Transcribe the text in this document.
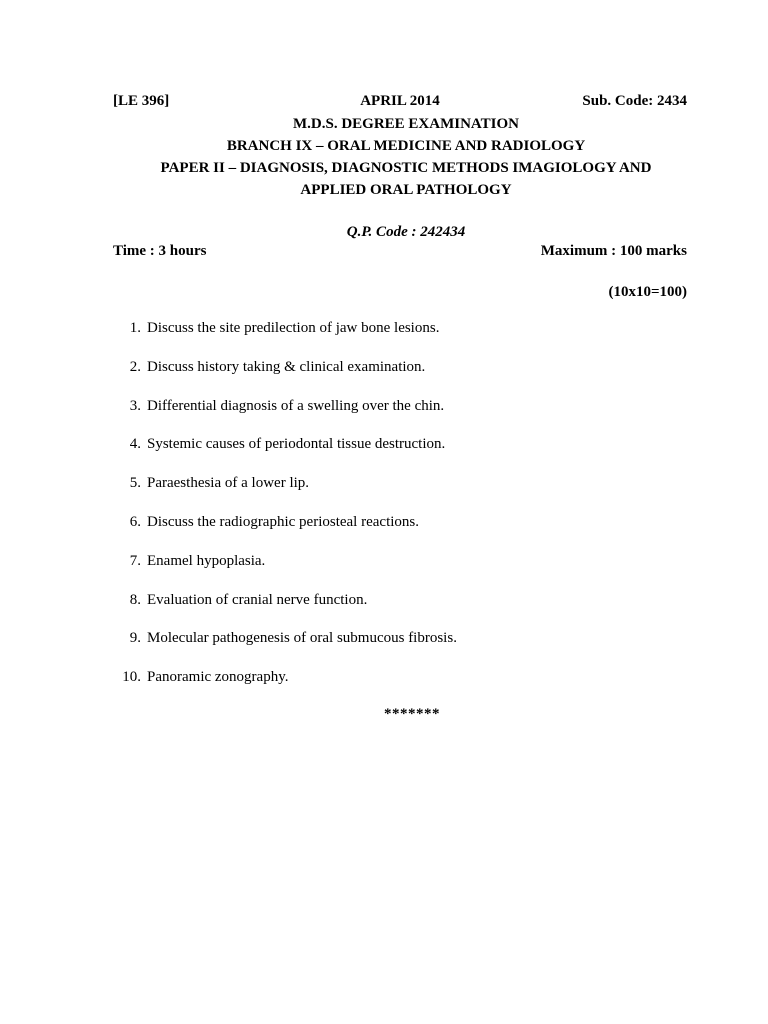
[LE 396]	APRIL 2014	Sub. Code: 2434
M.D.S. DEGREE EXAMINATION
BRANCH IX – ORAL MEDICINE AND RADIOLOGY
PAPER II – DIAGNOSIS, DIAGNOSTIC METHODS IMAGIOLOGY AND
APPLIED ORAL PATHOLOGY
Q.P. Code : 242434
Time : 3 hours	Maximum : 100 marks
(10x10=100)
1. Discuss the site predilection of jaw bone lesions.
2. Discuss history taking & clinical examination.
3. Differential diagnosis of a swelling over the chin.
4. Systemic causes of periodontal tissue destruction.
5. Paraesthesia of a lower lip.
6. Discuss the radiographic periosteal reactions.
7. Enamel hypoplasia.
8. Evaluation of cranial nerve function.
9. Molecular pathogenesis of oral submucous fibrosis.
10. Panoramic zonography.
*******
